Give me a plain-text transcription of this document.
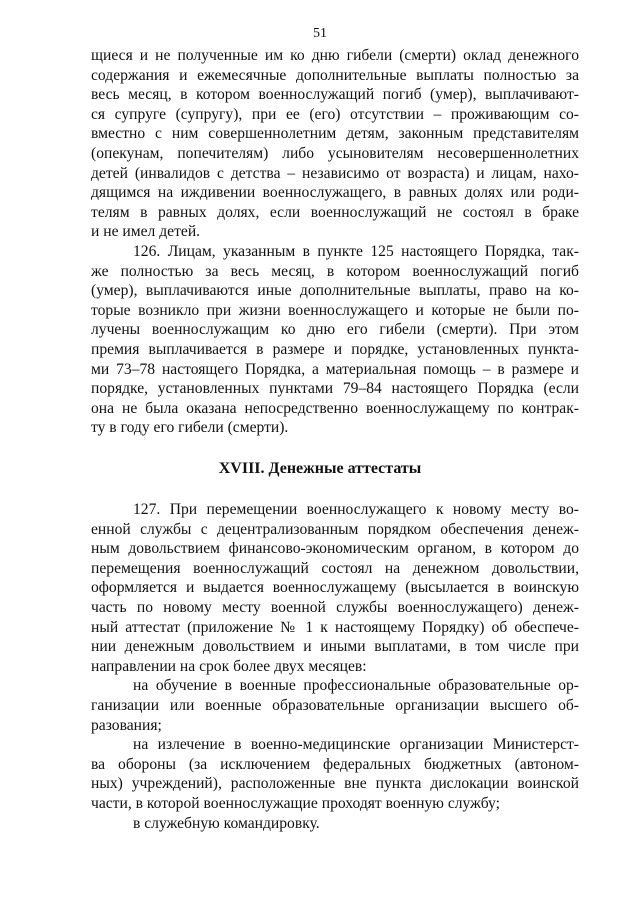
51
щиеся и не полученные им ко дню гибели (смерти) оклад денежного
содержания и ежемесячные дополнительные выплаты полностью за
весь месяц, в котором военнослужащий погиб (умер), выплачивают-
ся супруге (супругу), при ее (его) отсутствии – проживающим со-
вместно с ним совершеннолетним детям, законным представителям
(опекунам, попечителям) либо усыновителям несовершеннолетних
детей (инвалидов с детства – независимо от возраста) и лицам, нахо-
дящимся на иждивении военнослужащего, в равных долях или роди-
телям в равных долях, если военнослужащий не состоял в браке
и не имел детей.
126. Лицам, указанным в пункте 125 настоящего Порядка, так-
же полностью за весь месяц, в котором военнослужащий погиб
(умер), выплачиваются иные дополнительные выплаты, право на ко-
торые возникло при жизни военнослужащего и которые не были по-
лучены военнослужащим ко дню его гибели (смерти). При этом
премия выплачивается в размере и порядке, установленных пункта-
ми 73–78 настоящего Порядка, а материальная помощь – в размере и
порядке, установленных пунктами 79–84 настоящего Порядка (если
она не была оказана непосредственно военнослужащему по контрак-
ту в году его гибели (смерти).
XVIII. Денежные аттестаты
127. При перемещении военнослужащего к новому месту во-
енной службы с децентрализованным порядком обеспечения денеж-
ным довольствием финансово-экономическим органом, в котором до
перемещения военнослужащий состоял на денежном довольствии,
оформляется и выдается военнослужащему (высылается в воинскую
часть по новому месту военной службы военнослужащего) денеж-
ный аттестат (приложение № 1 к настоящему Порядку) об обеспече-
нии денежным довольствием и иными выплатами, в том числе при
направлении на срок более двух месяцев:
на обучение в военные профессиональные образовательные ор-
ганизации или военные образовательные организации высшего об-
разования;
на излечение в военно-медицинские организации Министерст-
ва обороны (за исключением федеральных бюджетных (автоном-
ных) учреждений), расположенные вне пункта дислокации воинской
части, в которой военнослужащие проходят военную службу;
в служебную командировку.
